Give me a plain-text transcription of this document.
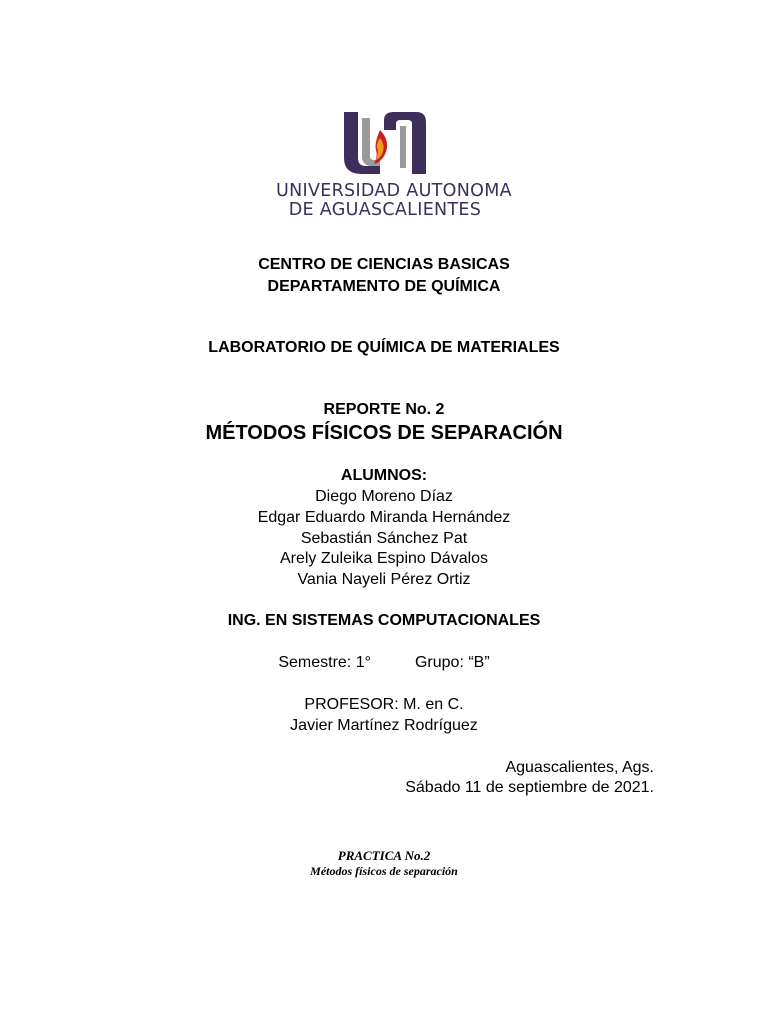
UNIVERSIDAD AUTONOMA
DE AGUASCALIENTES
CENTRO DE CIENCIAS BASICAS
DEPARTAMENTO DE QUÍMICA
LABORATORIO DE QUÍMICA DE MATERIALES
REPORTE No. 2
MÉTODOS FÍSICOS DE SEPARACIÓN
ALUMNOS:
Diego Moreno Díaz
Edgar Eduardo Miranda Hernández
Sebastián Sánchez Pat
Arely Zuleika Espino Dávalos
Vania Nayeli Pérez Ortiz
ING. EN SISTEMAS COMPUTACIONALES
Semestre: 1°	Grupo: “B”
PROFESOR: M. en C.
Javier Martínez Rodríguez
Aguascalientes, Ags.
Sábado 11 de septiembre de 2021.
PRACTICA No.2
Métodos físicos de separación
